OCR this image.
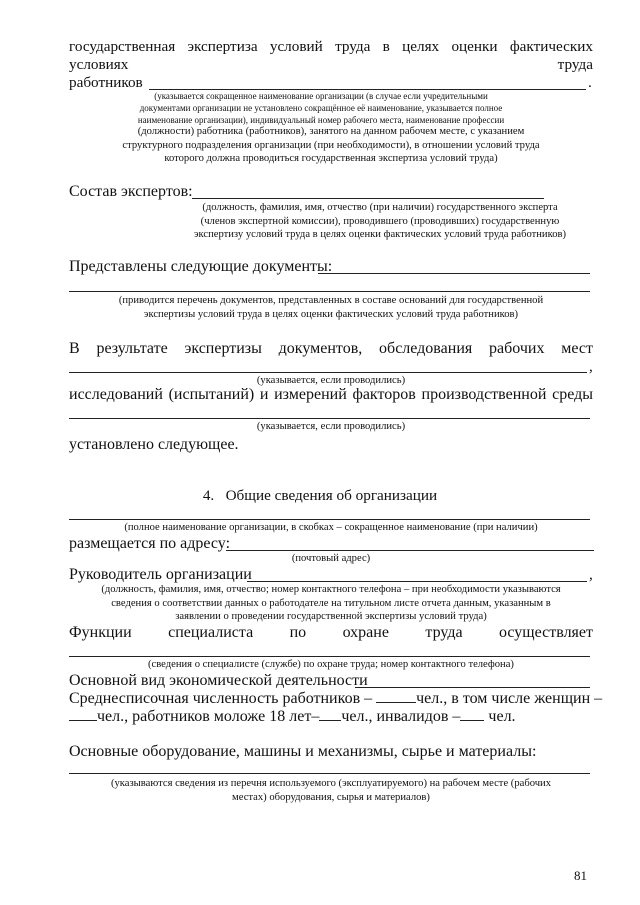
государственная экспертиза условий труда в целях оценки фактических
условиях	труда
работников	.
(указывается сокращенное наименование организации (в случае если учредительными
документами организации не установлено сокращённое её наименование, указывается полное
наименование организации), индивидуальный номер рабочего места, наименование профессии
(должности) работника (работников), занятого на данном рабочем месте, с указанием
структурного подразделения организации (при необходимости), в отношении условий труда
которого должна проводиться государственная экспертиза условий труда)
Состав экспертов:
(должность, фамилия, имя, отчество (при наличии) государственного эксперта
(членов экспертной комиссии), проводившего (проводивших) государственную
экспертизу условий труда в целях оценки фактических условий труда работников)
Представлены следующие документы:
(приводится перечень документов, представленных в составе оснований для государственной
экспертизы условий труда в целях оценки фактических условий труда работников)
В результате экспертизы документов, обследования рабочих мест
,
(указывается, если проводились)
исследований (испытаний) и измерений факторов производственной среды
(указывается, если проводились)
установлено следующее.
4. Общие сведения об организации
(полное наименование организации, в скобках – сокращенное наименование (при наличии)
размещается по адресу:
(почтовый адрес)
Руководитель организации	,
(должность, фамилия, имя, отчество; номер контактного телефона – при необходимости указываются
сведения о соответствии данных о работодателе на титульном листе отчета данным, указанным в
заявлении о проведении государственной экспертизы условий труда)
Функции специалиста по охране труда осуществляет
(сведения о специалисте (службе) по охране труда; номер контактного телефона)
Основной вид экономической деятельности
Среднесписочная численность работников –	чел., в том числе женщин –
чел., работников моложе 18 лет– чел., инвалидов – чел.
Основные оборудование, машины и механизмы, сырье и материалы:
(указываются сведения из перечня используемого (эксплуатируемого) на рабочем месте (рабочих
местах) оборудования, сырья и материалов)
81
